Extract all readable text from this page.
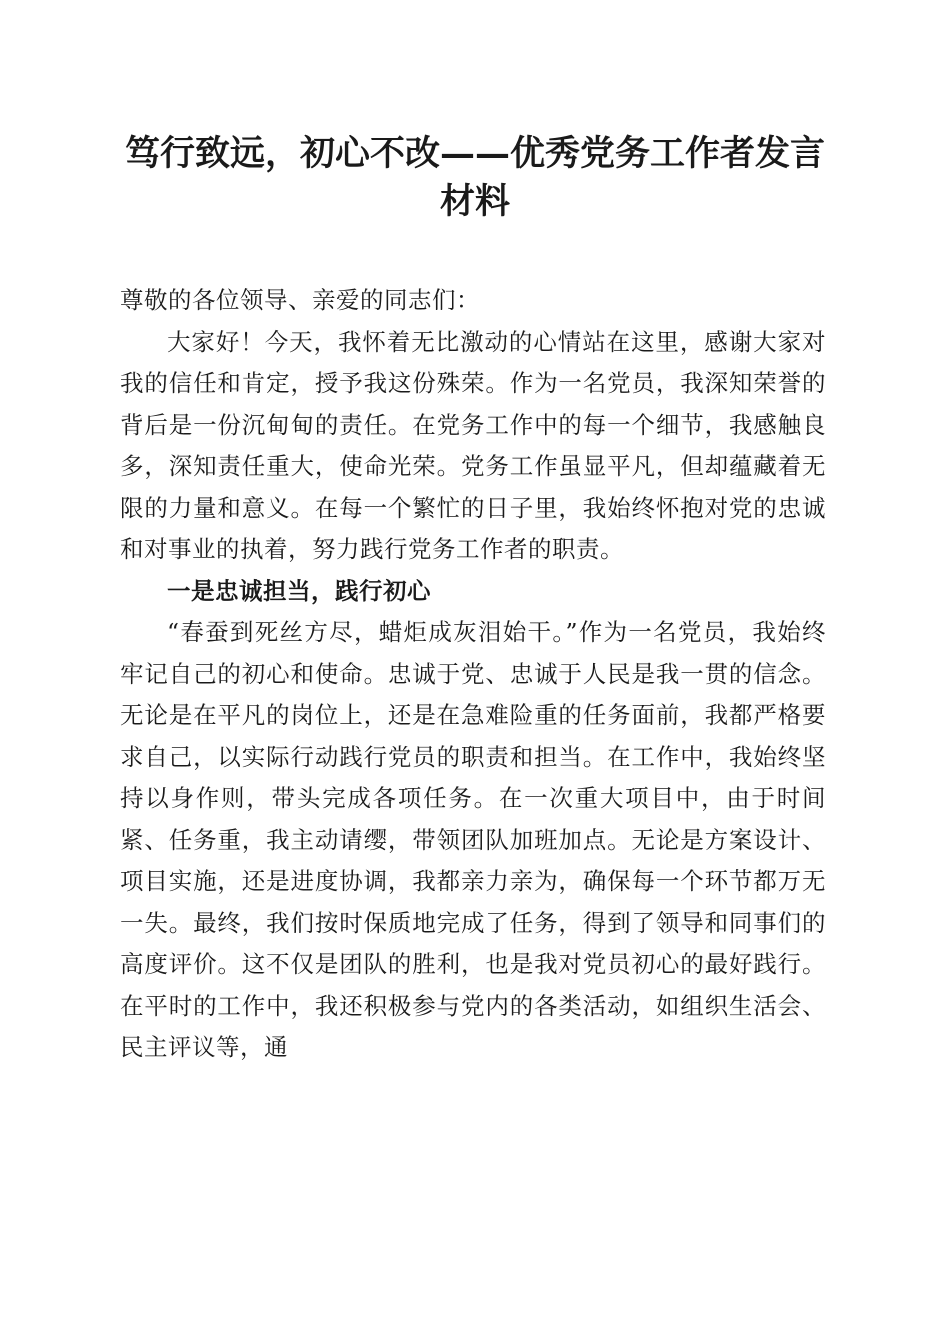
笃行致远，初心不改——优秀党务工作者发言材料

尊敬的各位领导、亲爱的同志们：

大家好！今天，我怀着无比激动的心情站在这里，感谢大家对我的信任和肯定，授予我这份殊荣。作为一名党员，我深知荣誉的背后是一份沉甸甸的责任。在党务工作中的每一个细节，我感触良多，深知责任重大，使命光荣。党务工作虽显平凡，但却蕴藏着无限的力量和意义。在每一个繁忙的日子里，我始终怀抱对党的忠诚和对事业的执着，努力践行党务工作者的职责。

一是忠诚担当，践行初心

“春蚕到死丝方尽，蜡炬成灰泪始干。”作为一名党员，我始终牢记自己的初心和使命。忠诚于党、忠诚于人民是我一贯的信念。无论是在平凡的岗位上，还是在急难险重的任务面前，我都严格要求自己，以实际行动践行党员的职责和担当。在工作中，我始终坚持以身作则，带头完成各项任务。在一次重大项目中，由于时间紧、任务重，我主动请缨，带领团队加班加点。无论是方案设计、项目实施，还是进度协调，我都亲力亲为，确保每一个环节都万无一失。最终，我们按时保质地完成了任务，得到了领导和同事们的高度评价。这不仅是团队的胜利，也是我对党员初心的最好践行。在平时的工作中，我还积极参与党内的各类活动，如组织生活会、民主评议等，通
